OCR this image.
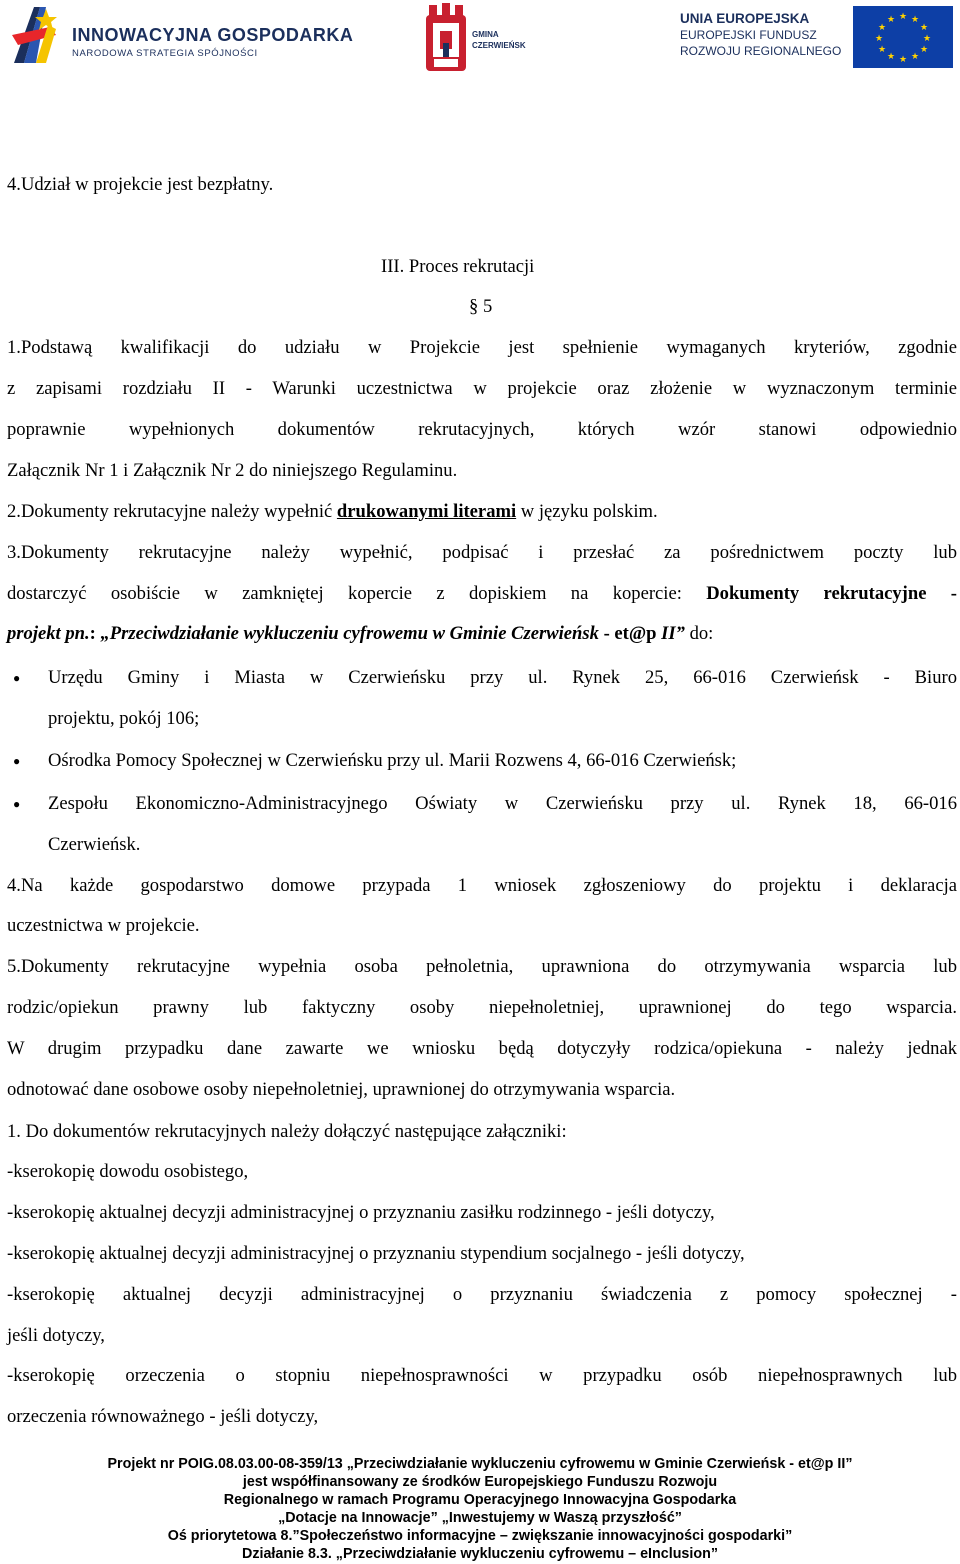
INNOWACYJNA GOSPODARKA
NARODOWA STRATEGIA SPÓJNOŚCI
GMINA
CZERWIEŃSK
UNIA EUROPEJSKA
EUROPEJSKI FUNDUSZ
ROZWOJU REGIONALNEGO
★ ★
★
★
★
★
★
★
★
★
★
★
4.Udział w projekcie jest bezpłatny.
III. Proces rekrutacji
§ 5
1.Podstawą kwalifikacji do udziału w Projekcie jest spełnienie wymaganych kryteriów, zgodnie
z zapisami rozdziału II - Warunki uczestnictwa w projekcie oraz złożenie w wyznaczonym terminie
poprawnie wypełnionych dokumentów rekrutacyjnych, których wzór stanowi odpowiednio
Załącznik Nr 1 i Załącznik Nr 2 do niniejszego Regulaminu.
2.Dokumenty rekrutacyjne należy wypełnić drukowanymi literami w języku polskim.
3.Dokumenty rekrutacyjne należy wypełnić, podpisać i przesłać za pośrednictwem poczty lub
dostarczyć osobiście w zamkniętej kopercie z dopiskiem na kopercie: Dokumenty rekrutacyjne -
projekt pn.: „Przeciwdziałanie wykluczeniu cyfrowemu w Gminie Czerwieńsk - et@p II” do:
● Urzędu Gminy i Miasta w Czerwieńsku przy ul. Rynek 25, 66-016 Czerwieńsk - Biuro
projektu, pokój 106;
● Ośrodka Pomocy Społecznej w Czerwieńsku przy ul. Marii Rozwens 4, 66-016 Czerwieńsk;
● Zespołu Ekonomiczno-Administracyjnego Oświaty w Czerwieńsku przy ul. Rynek 18, 66-016
Czerwieńsk.
4.Na każde gospodarstwo domowe przypada 1 wniosek zgłoszeniowy do projektu i deklaracja
uczestnictwa w projekcie.
5.Dokumenty rekrutacyjne wypełnia osoba pełnoletnia, uprawniona do otrzymywania wsparcia lub
rodzic/opiekun prawny lub faktyczny osoby niepełnoletniej, uprawnionej do tego wsparcia.
W drugim przypadku dane zawarte we wniosku będą dotyczyły rodzica/opiekuna - należy jednak
odnotować dane osobowe osoby niepełnoletniej, uprawnionej do otrzymywania wsparcia.
1. Do dokumentów rekrutacyjnych należy dołączyć następujące załączniki:
-kserokopię dowodu osobistego,
-kserokopię aktualnej decyzji administracyjnej o przyznaniu zasiłku rodzinnego - jeśli dotyczy,
-kserokopię aktualnej decyzji administracyjnej o przyznaniu stypendium socjalnego - jeśli dotyczy,
-kserokopię aktualnej decyzji administracyjnej o przyznaniu świadczenia z pomocy społecznej -
jeśli dotyczy,
-kserokopię orzeczenia o stopniu niepełnosprawności w przypadku osób niepełnosprawnych lub
orzeczenia równoważnego - jeśli dotyczy,
Projekt nr POIG.08.03.00-08-359/13 „Przeciwdziałanie wykluczeniu cyfrowemu w Gminie Czerwieńsk - et@p II”
jest współfinansowany ze środków Europejskiego Funduszu Rozwoju
Regionalnego w ramach Programu Operacyjnego Innowacyjna Gospodarka
„Dotacje na Innowacje” „Inwestujemy w Waszą przyszłość”
Oś priorytetowa 8.”Społeczeństwo informacyjne – zwiększanie innowacyjności gospodarki”
Działanie 8.3. „Przeciwdziałanie wykluczeniu cyfrowemu – eInclusion”
